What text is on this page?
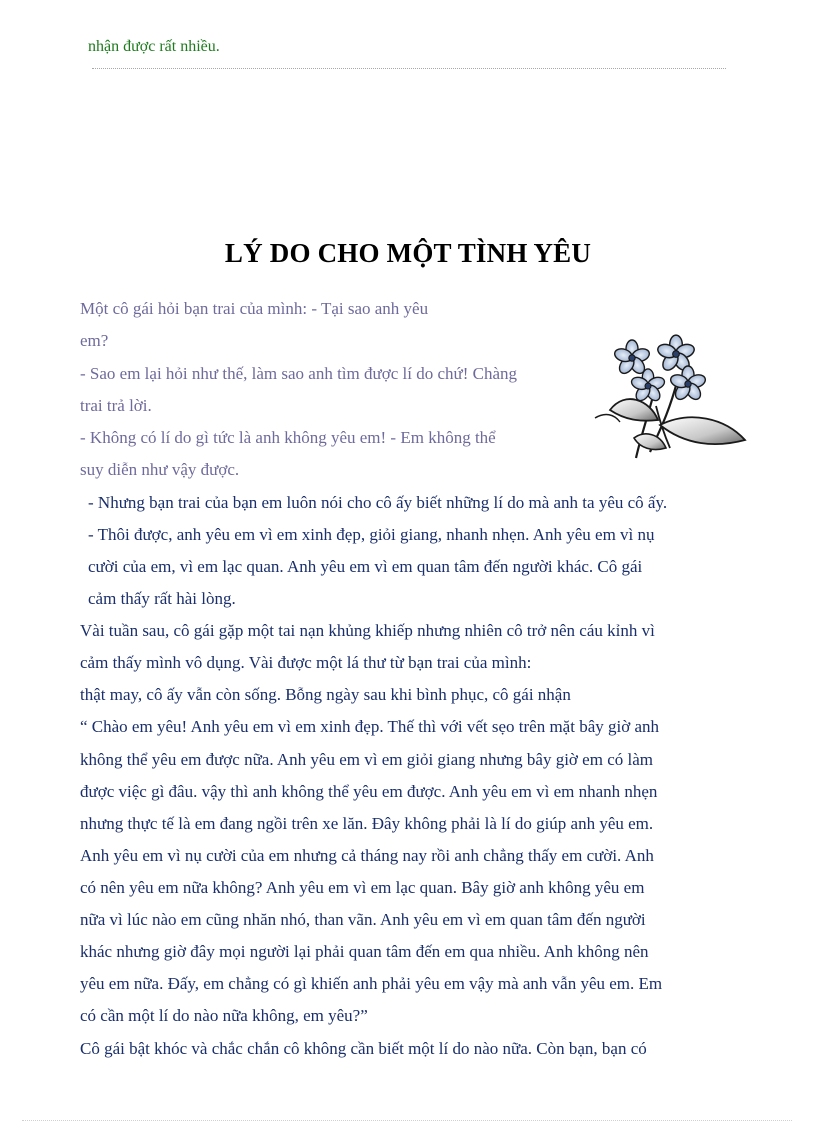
nhận được rất nhiều.
LÝ DO CHO MỘT TÌNH YÊU
Một cô gái hỏi bạn trai của mình: - Tại sao anh yêu
em?
- Sao em lại hỏi như thế, làm sao anh tìm được lí do chứ! Chàng
trai trả lời.
- Không có lí do gì tức là anh không yêu em! - Em không thể
suy diễn như vậy được.
- Nhưng bạn trai của bạn em luôn nói cho cô ấy biết những lí do mà anh ta yêu cô ấy.
- Thôi được, anh yêu em vì em xinh đẹp, giỏi giang, nhanh nhẹn. Anh yêu em vì nụ
cười của em, vì em lạc quan. Anh yêu em vì em quan tâm đến người khác. Cô gái
cảm thấy rất hài lòng.
Vài tuần sau, cô gái gặp một tai nạn khủng khiếp nhưng nhiên cô trở nên cáu kỉnh vì
cảm thấy mình vô dụng. Vài được một lá thư từ bạn trai của mình:
thật may, cô ấy vẫn còn sống. Bỗng ngày sau khi bình phục, cô gái nhận
“ Chào em yêu! Anh yêu em vì em xinh đẹp. Thế thì với vết sẹo trên mặt bây giờ anh
không thể yêu em được nữa. Anh yêu em vì em giỏi giang nhưng bây giờ em có làm
được việc gì đâu. vậy thì anh không thể yêu em được. Anh yêu em vì em nhanh nhẹn
nhưng thực tế là em đang ngồi trên xe lăn. Đây không phải là lí do giúp anh yêu em.
Anh yêu em vì nụ cười của em nhưng cả tháng nay rồi anh chẳng thấy em cười. Anh
có nên yêu em nữa không? Anh yêu em vì em lạc quan. Bây giờ anh không yêu em
nữa vì lúc nào em cũng nhăn nhó, than vãn. Anh yêu em vì em quan tâm đến người
khác nhưng giờ đây mọi người lại phải quan tâm đến em qua nhiều. Anh không nên
yêu em nữa. Đấy, em chẳng có gì khiến anh phải yêu em vậy mà anh vẫn yêu em. Em
có cần một lí do nào nữa không, em yêu?”
Cô gái bật khóc và chắc chắn cô không cần biết một lí do nào nữa. Còn bạn, bạn có
